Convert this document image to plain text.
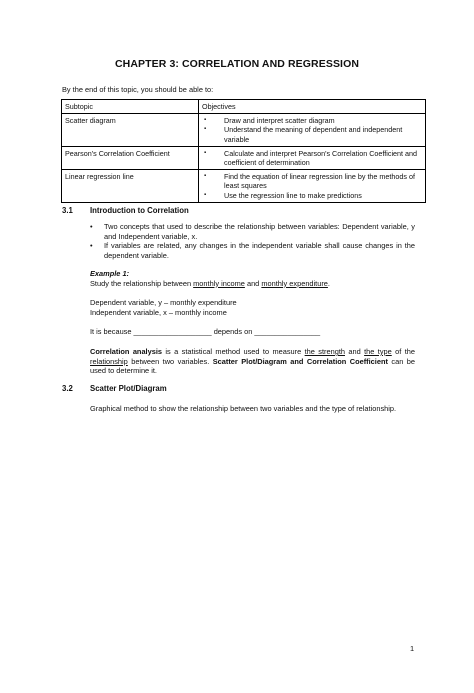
CHAPTER 3: CORRELATION AND REGRESSION
By the end of this topic, you should be able to:
Subtopic	Objectives
Scatter diagram	▪ Draw and interpret scatter diagram
▪ Understand the meaning of dependent and independent variable

Pearson's Correlation Coefficient	▪ Calculate and interpret Pearson's Correlation Coefficient and coefficient of determination

Linear regression line	▪ Find the equation of linear regression line by the methods of least squares
▪ Use the regression line to make predictions
3.1 Introduction to Correlation
•	Two concepts that used to describe the relationship between variables: Dependent variable, y and Independent variable, x.
•	If variables are related, any changes in the independent variable shall cause changes in the dependent variable.
Example 1:
Study the relationship between monthly income and monthly expenditure.
Dependent variable, y – monthly expenditure
Independent variable, x – monthly income
It is because ___________________ depends on ________________
Correlation analysis is a statistical method used to measure the strength and the type of the relationship between two variables. Scatter Plot/Diagram and Correlation Coefficient can be used to determine it.
3.2 Scatter Plot/Diagram
Graphical method to show the relationship between two variables and the type of relationship.
1
